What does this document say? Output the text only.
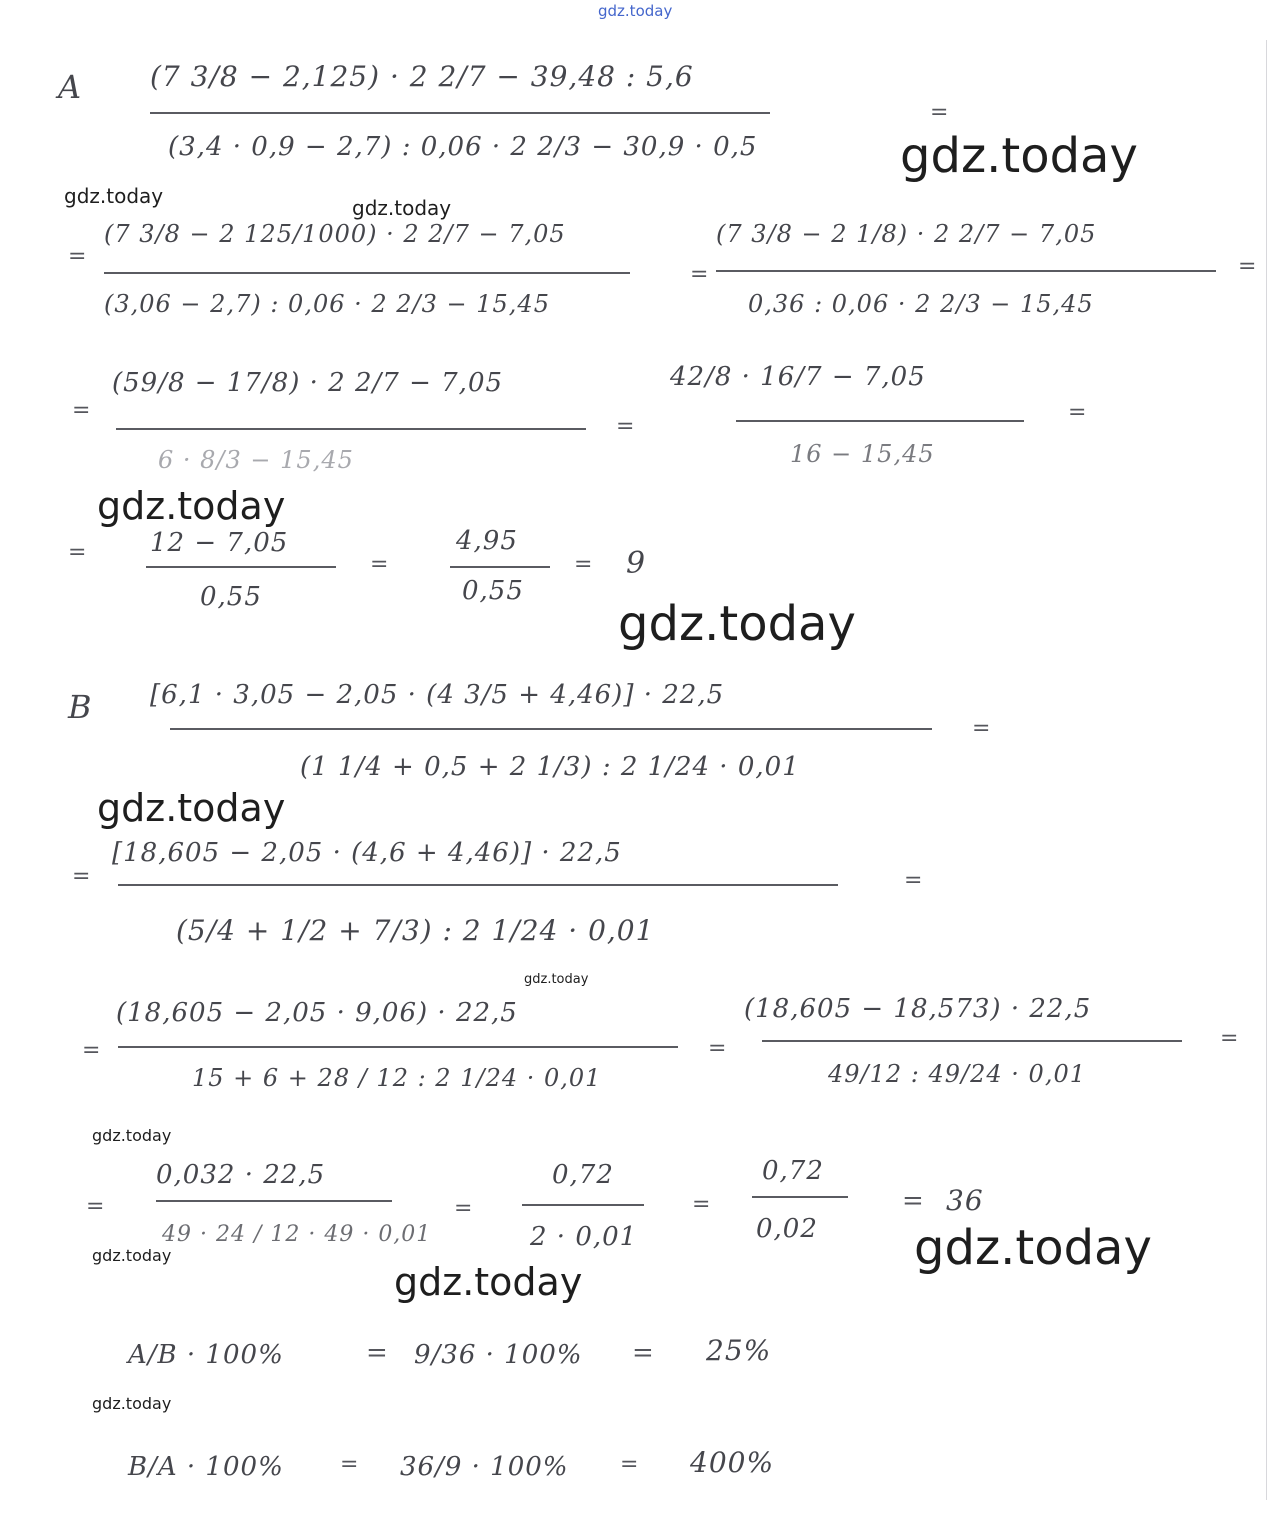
gdz.today
gdz.today
gdz.today	gdz.today
gdz.today
gdz.today
gdz.today
gdz.today
gdz.today
gdz.today
gdz.today
gdz.today
gdz.today
A (7 3/8 − 2,125) · 2 2/7 − 39,48 : 5,6
(3,4 · 0,9 − 2,7) : 0,06 · 2 2/3 − 30,9 · 0,5
=
=
(7 3/8 − 2 125/1000) · 2 2/7 − 7,05
(3,06 − 2,7) : 0,06 · 2 2/3 − 15,45
=
(7 3/8 − 2 1/8) · 2 2/7 − 7,05
0,36 : 0,06 · 2 2/3 − 15,45
=
=
(59/8 − 17/8) · 2 2/7 − 7,05
6 · 8/3 − 15,45
=
42/8 · 16/7 − 7,05
16 − 15,45
=
= 12 − 7,05
0,55
=
4,95
0,55
= 9
B [6,1 · 3,05 − 2,05 · (4 3/5 + 4,46)] · 22,5
(1 1/4 + 0,5 + 2 1/3) : 2 1/24 · 0,01
=
=
[18,605 − 2,05 · (4,6 + 4,46)] · 22,5
(5/4 + 1/2 + 7/3) : 2 1/24 · 0,01
=
=
(18,605 − 2,05 · 9,06) · 22,5
15 + 6 + 28 / 12 : 2 1/24 · 0,01
=
(18,605 − 18,573) · 22,5
49/12 : 49/24 · 0,01
=
=
0,032 · 22,5
49 · 24 / 12 · 49 · 0,01
=
0,72
2 · 0,01
=
0,72
0,02
= 36
A/B · 100%	= 9/36 · 100% = 25%
B/A · 100%	= 36/9 · 100% = 400%
